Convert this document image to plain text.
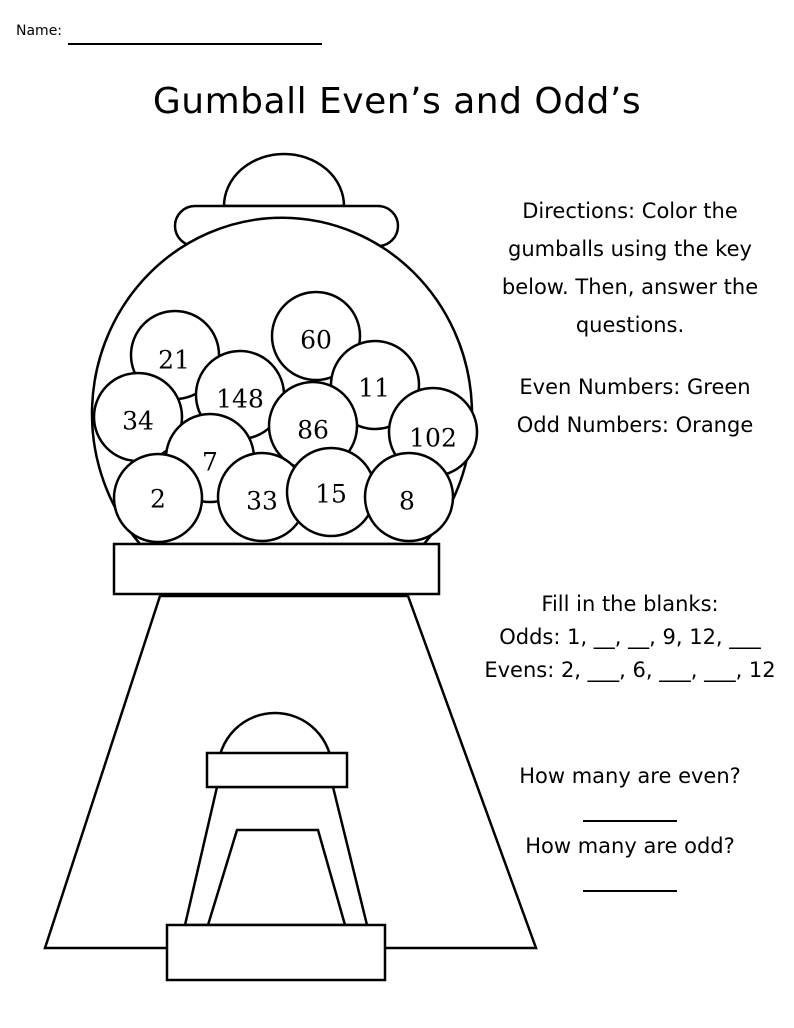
Name:
Gumball Even’s and Odd’s
21
60
148	11
34	86	102
7
2	33 15 8
Directions: Color the gumballs using the key below. Then, answer the questions.
Even Numbers: Green
Odd Numbers: Orange
Fill in the blanks:
Odds: 1, __, __, 9, 12, ___
Evens: 2, ___, 6, ___, ___, 12
How many are even?
How many are odd?
